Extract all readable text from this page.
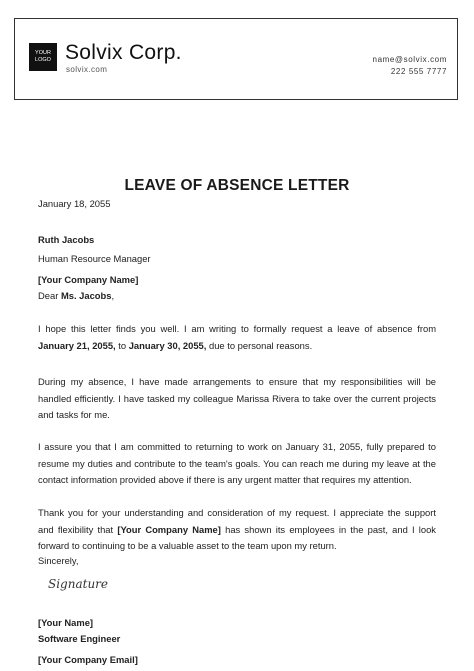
YOUR
LOGO Solvix Corp.
solvix.com
name@solvix.com
222 555 7777
LEAVE OF ABSENCE LETTER
January 18, 2055
Ruth Jacobs
Human Resource Manager
[Your Company Name]
Dear Ms. Jacobs,
I hope this letter finds you well. I am writing to formally request a leave of absence from January 21, 2055, to January 30, 2055, due to personal reasons.
During my absence, I have made arrangements to ensure that my responsibilities will be handled efficiently. I have tasked my colleague Marissa Rivera to take over the current projects and tasks for me.
I assure you that I am committed to returning to work on January 31, 2055, fully prepared to resume my duties and contribute to the team's goals. You can reach me during my leave at the contact information provided above if there is any urgent matter that requires my attention.
Thank you for your understanding and consideration of my request. I appreciate the support and flexibility that [Your Company Name] has shown its employees in the past, and I look forward to continuing to be a valuable asset to the team upon my return.
Sincerely,
Signature
[Your Name]
Software Engineer
[Your Company Email]
